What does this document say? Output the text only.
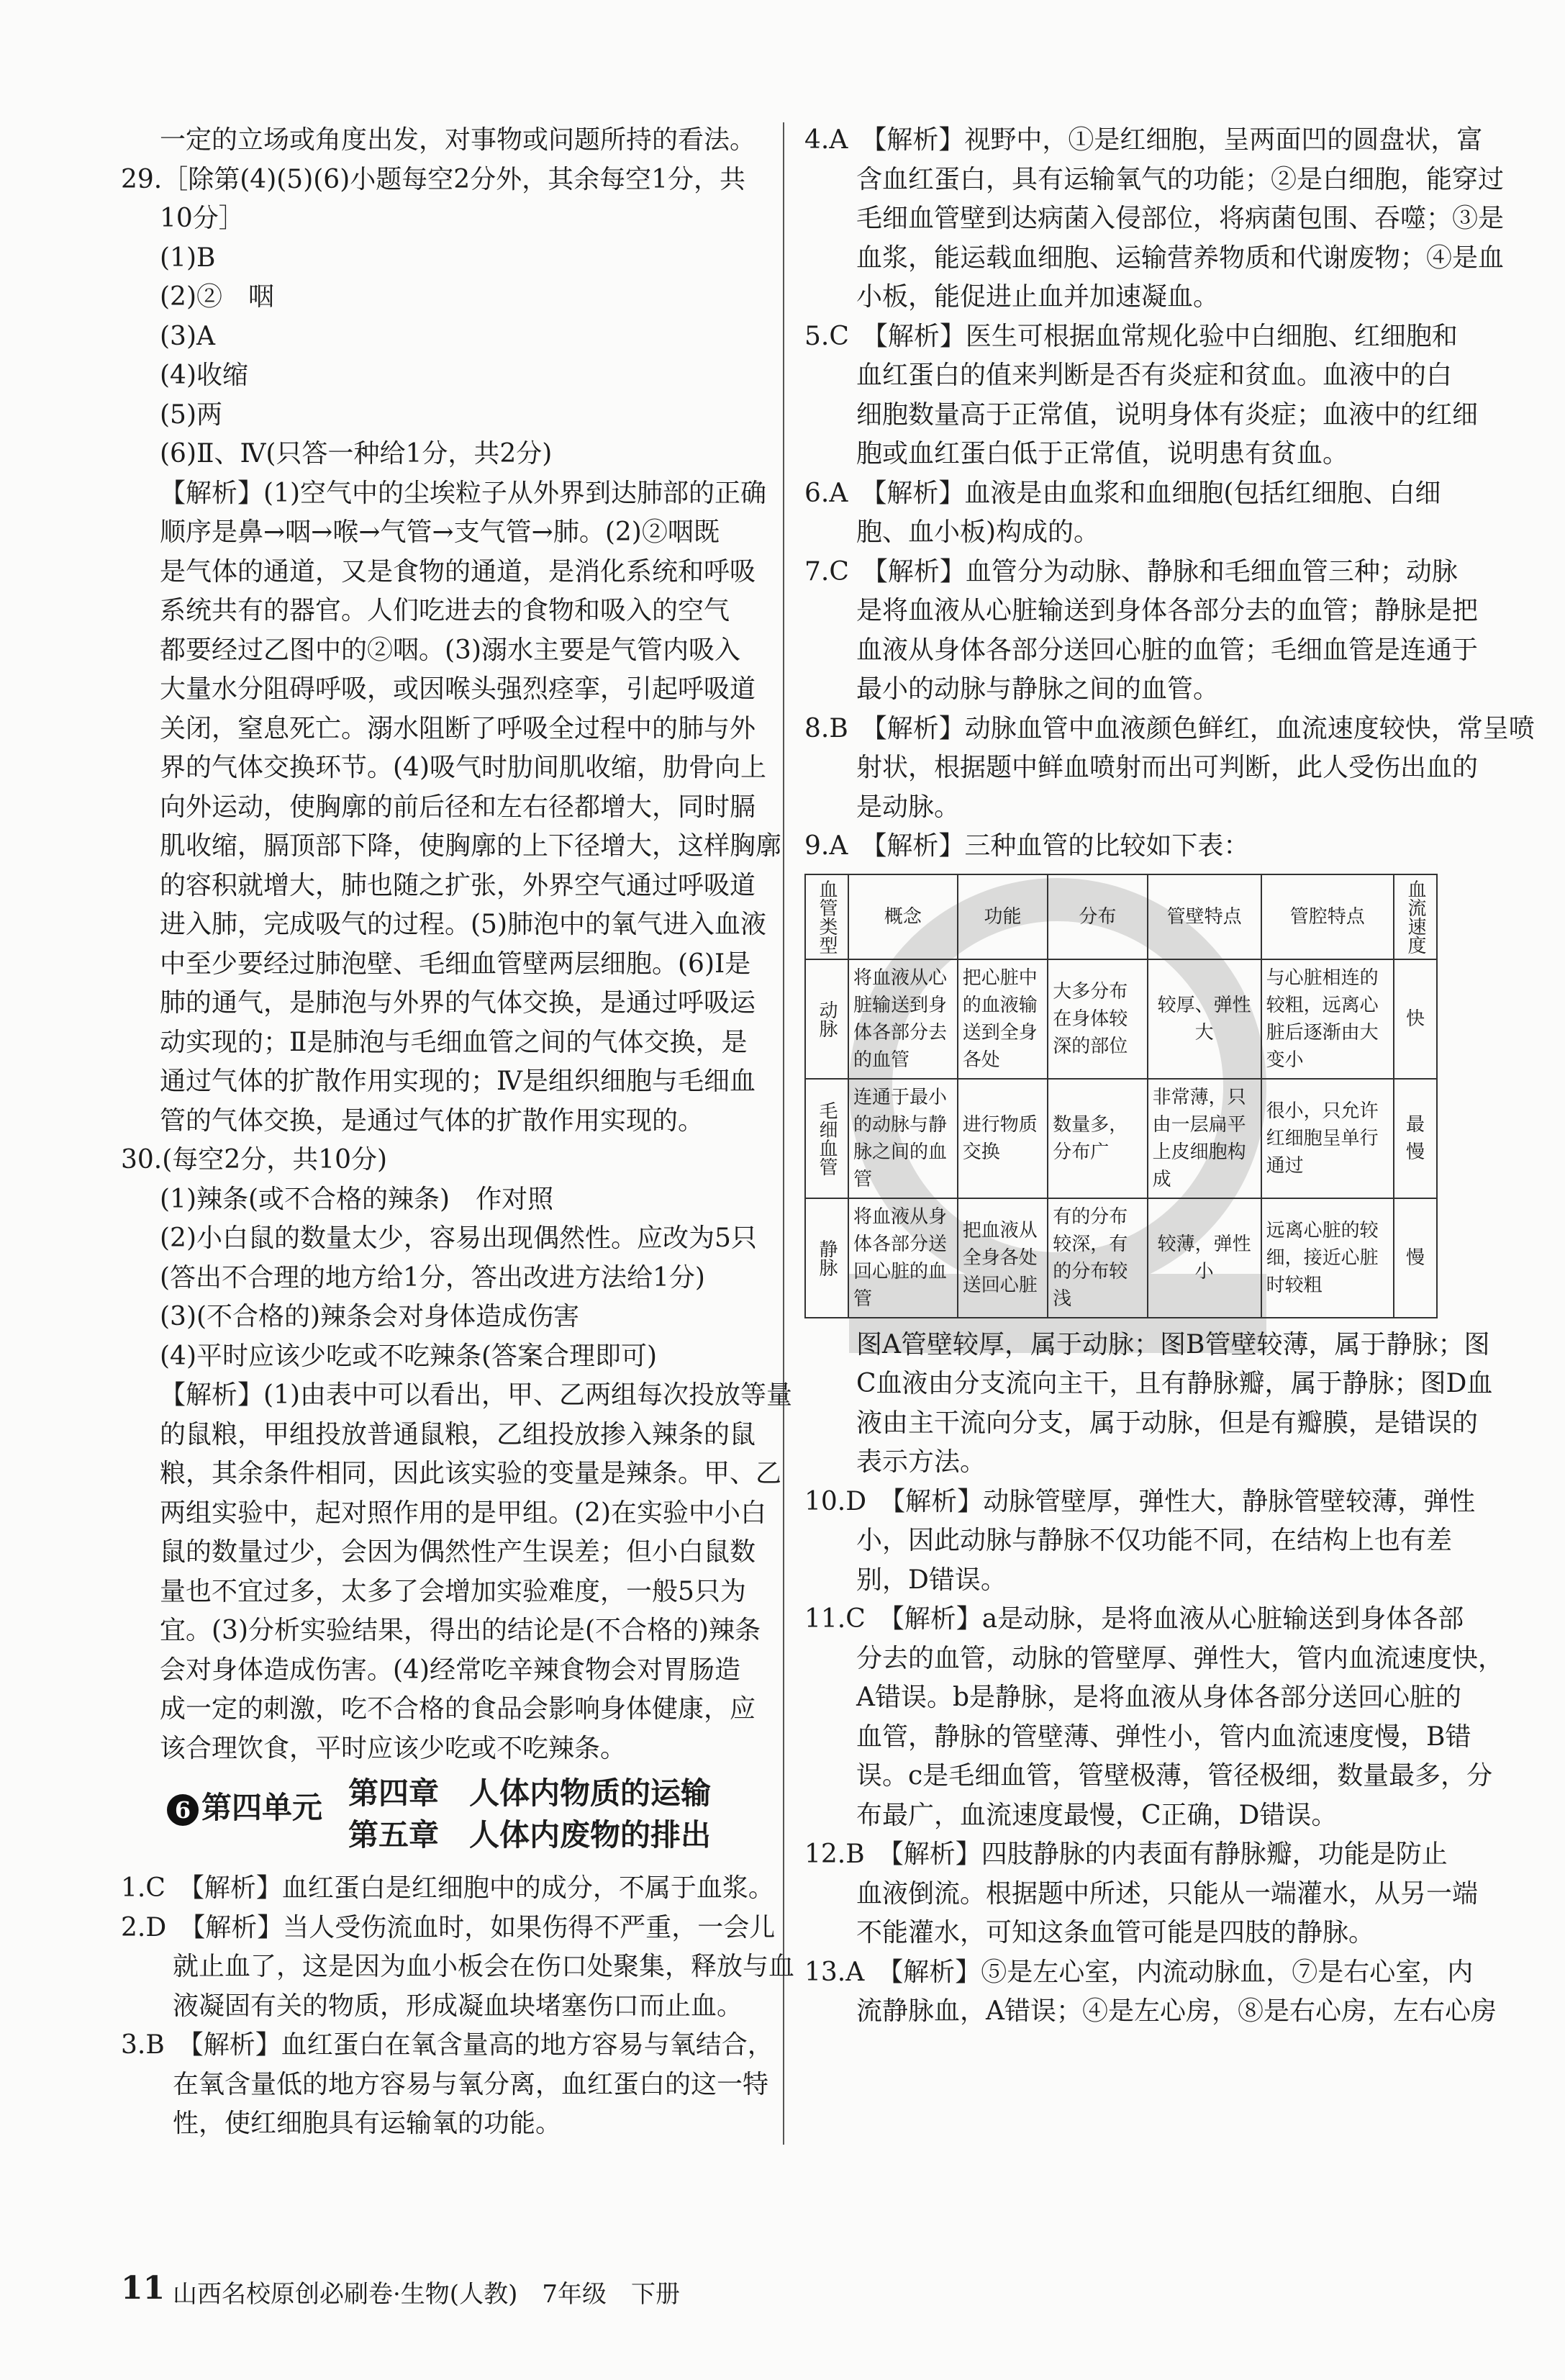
一定的立场或角度出发，对事物或问题所持的看法。
29.［除第(4)(5)(6)小题每空2分外，其余每空1分，共
10分］
(1)B
(2)②　咽
(3)A
(4)收缩
(5)两
(6)Ⅱ、Ⅳ(只答一种给1分，共2分)
【解析】(1)空气中的尘埃粒子从外界到达肺部的正确
顺序是鼻→咽→喉→气管→支气管→肺。(2)②咽既
是气体的通道，又是食物的通道，是消化系统和呼吸
系统共有的器官。人们吃进去的食物和吸入的空气
都要经过乙图中的②咽。(3)溺水主要是气管内吸入
大量水分阻碍呼吸，或因喉头强烈痉挛，引起呼吸道
关闭，窒息死亡。溺水阻断了呼吸全过程中的肺与外
界的气体交换环节。(4)吸气时肋间肌收缩，肋骨向上
向外运动，使胸廓的前后径和左右径都增大，同时膈
肌收缩，膈顶部下降，使胸廓的上下径增大，这样胸廓
的容积就增大，肺也随之扩张，外界空气通过呼吸道
进入肺，完成吸气的过程。(5)肺泡中的氧气进入血液
中至少要经过肺泡壁、毛细血管壁两层细胞。(6)Ⅰ是
肺的通气，是肺泡与外界的气体交换，是通过呼吸运
动实现的；Ⅱ是肺泡与毛细血管之间的气体交换，是
通过气体的扩散作用实现的；Ⅳ是组织细胞与毛细血
管的气体交换，是通过气体的扩散作用实现的。
30.(每空2分，共10分)
(1)辣条(或不合格的辣条)　作对照
(2)小白鼠的数量太少，容易出现偶然性。应改为5只
(答出不合理的地方给1分，答出改进方法给1分)
(3)(不合格的)辣条会对身体造成伤害
(4)平时应该少吃或不吃辣条(答案合理即可)
【解析】(1)由表中可以看出，甲、乙两组每次投放等量
的鼠粮，甲组投放普通鼠粮，乙组投放掺入辣条的鼠
粮，其余条件相同，因此该实验的变量是辣条。甲、乙
两组实验中，起对照作用的是甲组。(2)在实验中小白
鼠的数量过少，会因为偶然性产生误差；但小白鼠数
量也不宜过多，太多了会增加实验难度，一般5只为
宜。(3)分析实验结果，得出的结论是(不合格的)辣条
会对身体造成伤害。(4)经常吃辛辣食物会对胃肠造
成一定的刺激，吃不合格的食品会影响身体健康，应
该合理饮食，平时应该少吃或不吃辣条。
6 第四单元 第四章　人体内物质的运输
第五章　人体内废物的排出
1.C　【解析】血红蛋白是红细胞中的成分，不属于血浆。
2.D　【解析】当人受伤流血时，如果伤得不严重，一会儿
就止血了，这是因为血小板会在伤口处聚集，释放与血
液凝固有关的物质，形成凝血块堵塞伤口而止血。
3.B　【解析】血红蛋白在氧含量高的地方容易与氧结合，
在氧含量低的地方容易与氧分离，血红蛋白的这一特
性，使红细胞具有运输氧的功能。
4.A　【解析】视野中，①是红细胞，呈两面凹的圆盘状，富
含血红蛋白，具有运输氧气的功能；②是白细胞，能穿过
毛细血管壁到达病菌入侵部位，将病菌包围、吞噬；③是
血浆，能运载血细胞、运输营养物质和代谢废物；④是血
小板，能促进止血并加速凝血。
5.C　【解析】医生可根据血常规化验中白细胞、红细胞和
血红蛋白的值来判断是否有炎症和贫血。血液中的白
细胞数量高于正常值，说明身体有炎症；血液中的红细
胞或血红蛋白低于正常值，说明患有贫血。
6.A　【解析】血液是由血浆和血细胞(包括红细胞、白细
胞、血小板)构成的。
7.C　【解析】血管分为动脉、静脉和毛细血管三种；动脉
是将血液从心脏输送到身体各部分去的血管；静脉是把
血液从身体各部分送回心脏的血管；毛细血管是连通于
最小的动脉与静脉之间的血管。
8.B　【解析】动脉血管中血液颜色鲜红，血流速度较快，常呈喷
射状，根据题中鲜血喷射而出可判断，此人受伤出血的
是动脉。
9.A　【解析】三种血管的比较如下表：
血管类型	概念	功能	分布	管壁特点	管腔特点	血流速度
动脉	将血液从心脏输送到身体各部分去的血管	把心脏中的血液输送到全身各处	大多分布在身体较深的部位	较厚、弹性大	与心脏相连的较粗，远离心脏后逐渐由大变小	快
毛细血管	连通于最小的动脉与静脉之间的血管	进行物质交换	数量多，分布广	非常薄，只由一层扁平上皮细胞构成	很小，只允许红细胞呈单行通过	最慢
静脉	将血液从身体各部分送回心脏的血管	把血液从全身各处送回心脏	有的分布较深，有的分布较浅	较薄，弹性小	远离心脏的较细，接近心脏时较粗	慢
图A管壁较厚，属于动脉；图B管壁较薄，属于静脉；图
C血液由分支流向主干，且有静脉瓣，属于静脉；图D血
液由主干流向分支，属于动脉，但是有瓣膜，是错误的
表示方法。
10.D　【解析】动脉管壁厚，弹性大，静脉管壁较薄，弹性
小，因此动脉与静脉不仅功能不同，在结构上也有差
别，D错误。
11.C　【解析】a是动脉，是将血液从心脏输送到身体各部
分去的血管，动脉的管壁厚、弹性大，管内血流速度快，
A错误。b是静脉，是将血液从身体各部分送回心脏的
血管，静脉的管壁薄、弹性小，管内血流速度慢，B错
误。c是毛细血管，管壁极薄，管径极细，数量最多，分
布最广，血流速度最慢，C正确，D错误。
12.B　【解析】四肢静脉的内表面有静脉瓣，功能是防止
血液倒流。根据题中所述，只能从一端灌水，从另一端
不能灌水，可知这条血管可能是四肢的静脉。
13.A　【解析】⑤是左心室，内流动脉血，⑦是右心室，内
流静脉血，A错误；④是左心房，⑧是右心房，左右心房
11 山西名校原创必刷卷·生物(人教)　7年级　下册
